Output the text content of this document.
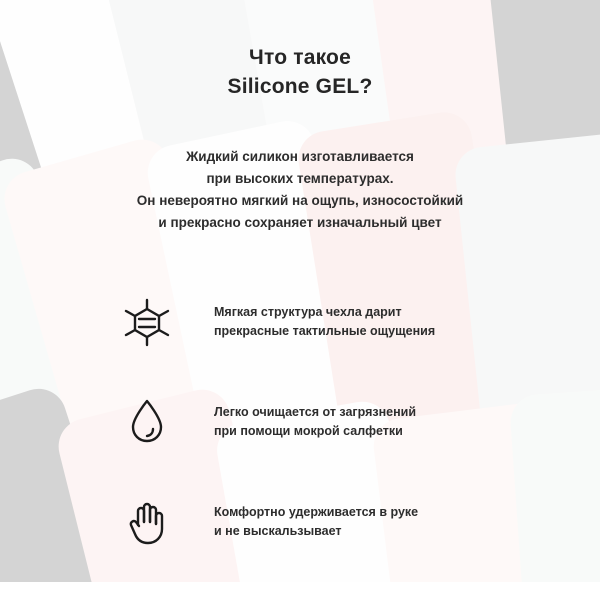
Что такое
Silicone GEL?
Жидкий силикон изготавливается
при высоких температурах.
Он невероятно мягкий на ощупь, износостойкий
и прекрасно сохраняет изначальный цвет
Мягкая структура чехла дарит
прекрасные тактильные ощущения
Легко очищается от загрязнений
при помощи мокрой салфетки
Комфортно удерживается в руке
и не выскальзывает
